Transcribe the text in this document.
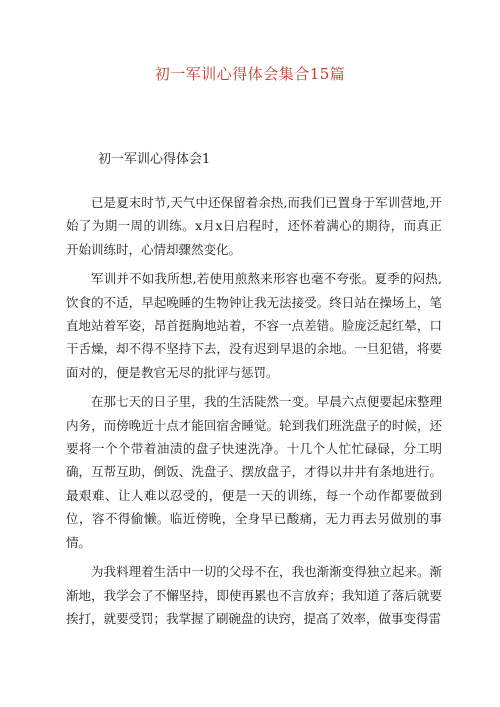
初一军训心得体会集合15篇
初一军训心得体会1

已是夏末时节,天气中还保留着余热,而我们已置身于军训营地,开始了为期一周的训练。x月x日启程时，还怀着满心的期待，而真正开始训练时，心情却骤然变化。

军训并不如我所想,若使用煎熬来形容也毫不夸张。夏季的闷热,饮食的不适，早起晚睡的生物钟让我无法接受。终日站在操场上，笔直地站着军姿，昂首挺胸地站着，不容一点差错。脸庞泛起红晕，口干舌燥，却不得不坚持下去，没有迟到早退的余地。一旦犯错，将要面对的，便是教官无尽的批评与惩罚。

在那七天的日子里，我的生活陡然一变。早晨六点便要起床整理内务，而傍晚近十点才能回宿舍睡觉。轮到我们班洗盘子的时候，还要将一个个带着油渍的盘子快速洗净。十几个人忙忙碌碌，分工明确，互帮互助，倒饭、洗盘子、摆放盘子，才得以井井有条地进行。最艰难、让人难以忍受的，便是一天的训练，每一个动作都要做到位，容不得偷懒。临近傍晚，全身早已酸痛，无力再去另做别的事情。

为我料理着生活中一切的父母不在，我也渐渐变得独立起来。渐渐地，我学会了不懈坚持，即使再累也不言放弃；我知道了落后就要挨打，就要受罚；我掌握了刷碗盘的诀窍，提高了效率，做事变得雷
